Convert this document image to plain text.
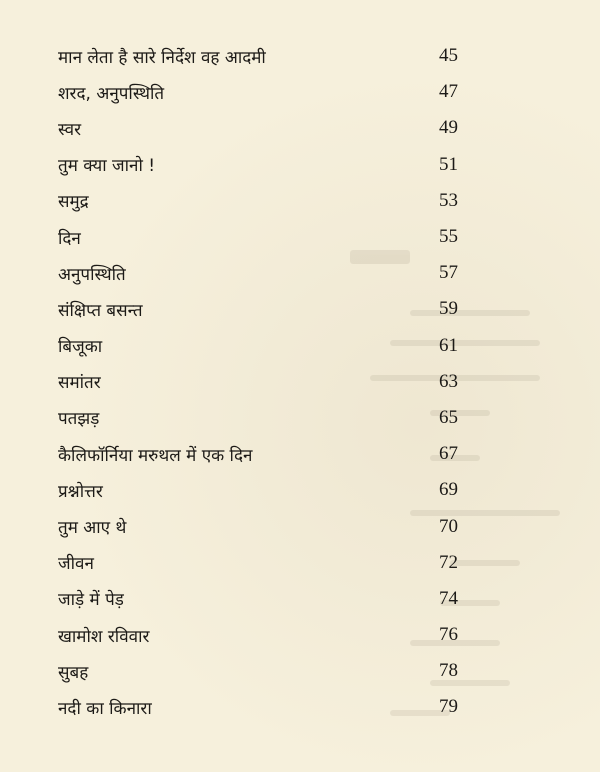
मान लेता है सारे निर्देश वह आदमी	45
शरद, अनुपस्थिति	47
स्वर	49
तुम क्या जानो !	51
समुद्र	53
दिन	55
अनुपस्थिति	57
संक्षिप्त बसन्त	59
बिजूका	61
समांतर	63
पतझड़	65
कैलिफॉर्निया मरुथल में एक दिन	67
प्रश्नोत्तर	69
तुम आए थे	70
जीवन	72
जाड़े में पेड़	74
खामोश रविवार	76
सुबह	78
नदी का किनारा	79
